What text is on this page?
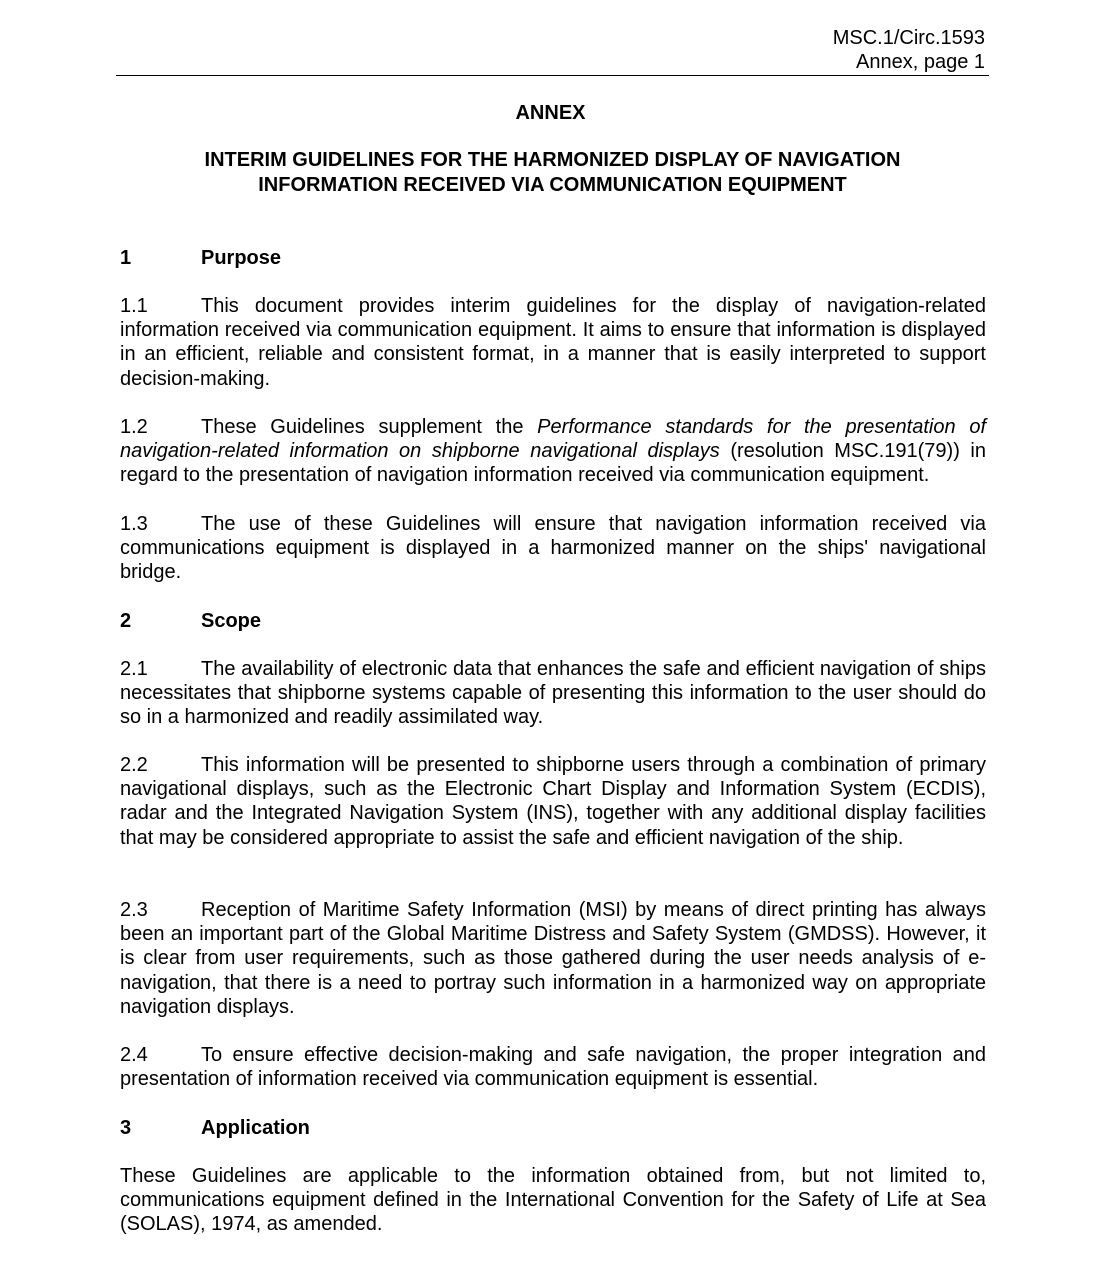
MSC.1/Circ.1593
Annex, page 1
ANNEX
INTERIM GUIDELINES FOR THE HARMONIZED DISPLAY OF NAVIGATION
INFORMATION RECEIVED VIA COMMUNICATION EQUIPMENT
1	Purpose
1.1	This document provides interim guidelines for the display of navigation-related information received via communication equipment. It aims to ensure that information is displayed in an efficient, reliable and consistent format, in a manner that is easily interpreted to support decision-making.
1.2	These Guidelines supplement the Performance standards for the presentation of navigation-related information on shipborne navigational displays (resolution MSC.191(79)) in regard to the presentation of navigation information received via communication equipment.
1.3	The use of these Guidelines will ensure that navigation information received via communications equipment is displayed in a harmonized manner on the ships' navigational bridge.
2	Scope
2.1	The availability of electronic data that enhances the safe and efficient navigation of ships necessitates that shipborne systems capable of presenting this information to the user should do so in a harmonized and readily assimilated way.
2.2	This information will be presented to shipborne users through a combination of primary navigational displays, such as the Electronic Chart Display and Information System (ECDIS), radar and the Integrated Navigation System (INS), together with any additional display facilities that may be considered appropriate to assist the safe and efficient navigation of the ship.
2.3	Reception of Maritime Safety Information (MSI) by means of direct printing has always been an important part of the Global Maritime Distress and Safety System (GMDSS). However, it is clear from user requirements, such as those gathered during the user needs analysis of e-navigation, that there is a need to portray such information in a harmonized way on appropriate navigation displays.
2.4	To ensure effective decision-making and safe navigation, the proper integration and presentation of information received via communication equipment is essential.
3	Application
These Guidelines are applicable to the information obtained from, but not limited to, communications equipment defined in the International Convention for the Safety of Life at Sea (SOLAS), 1974, as amended.
